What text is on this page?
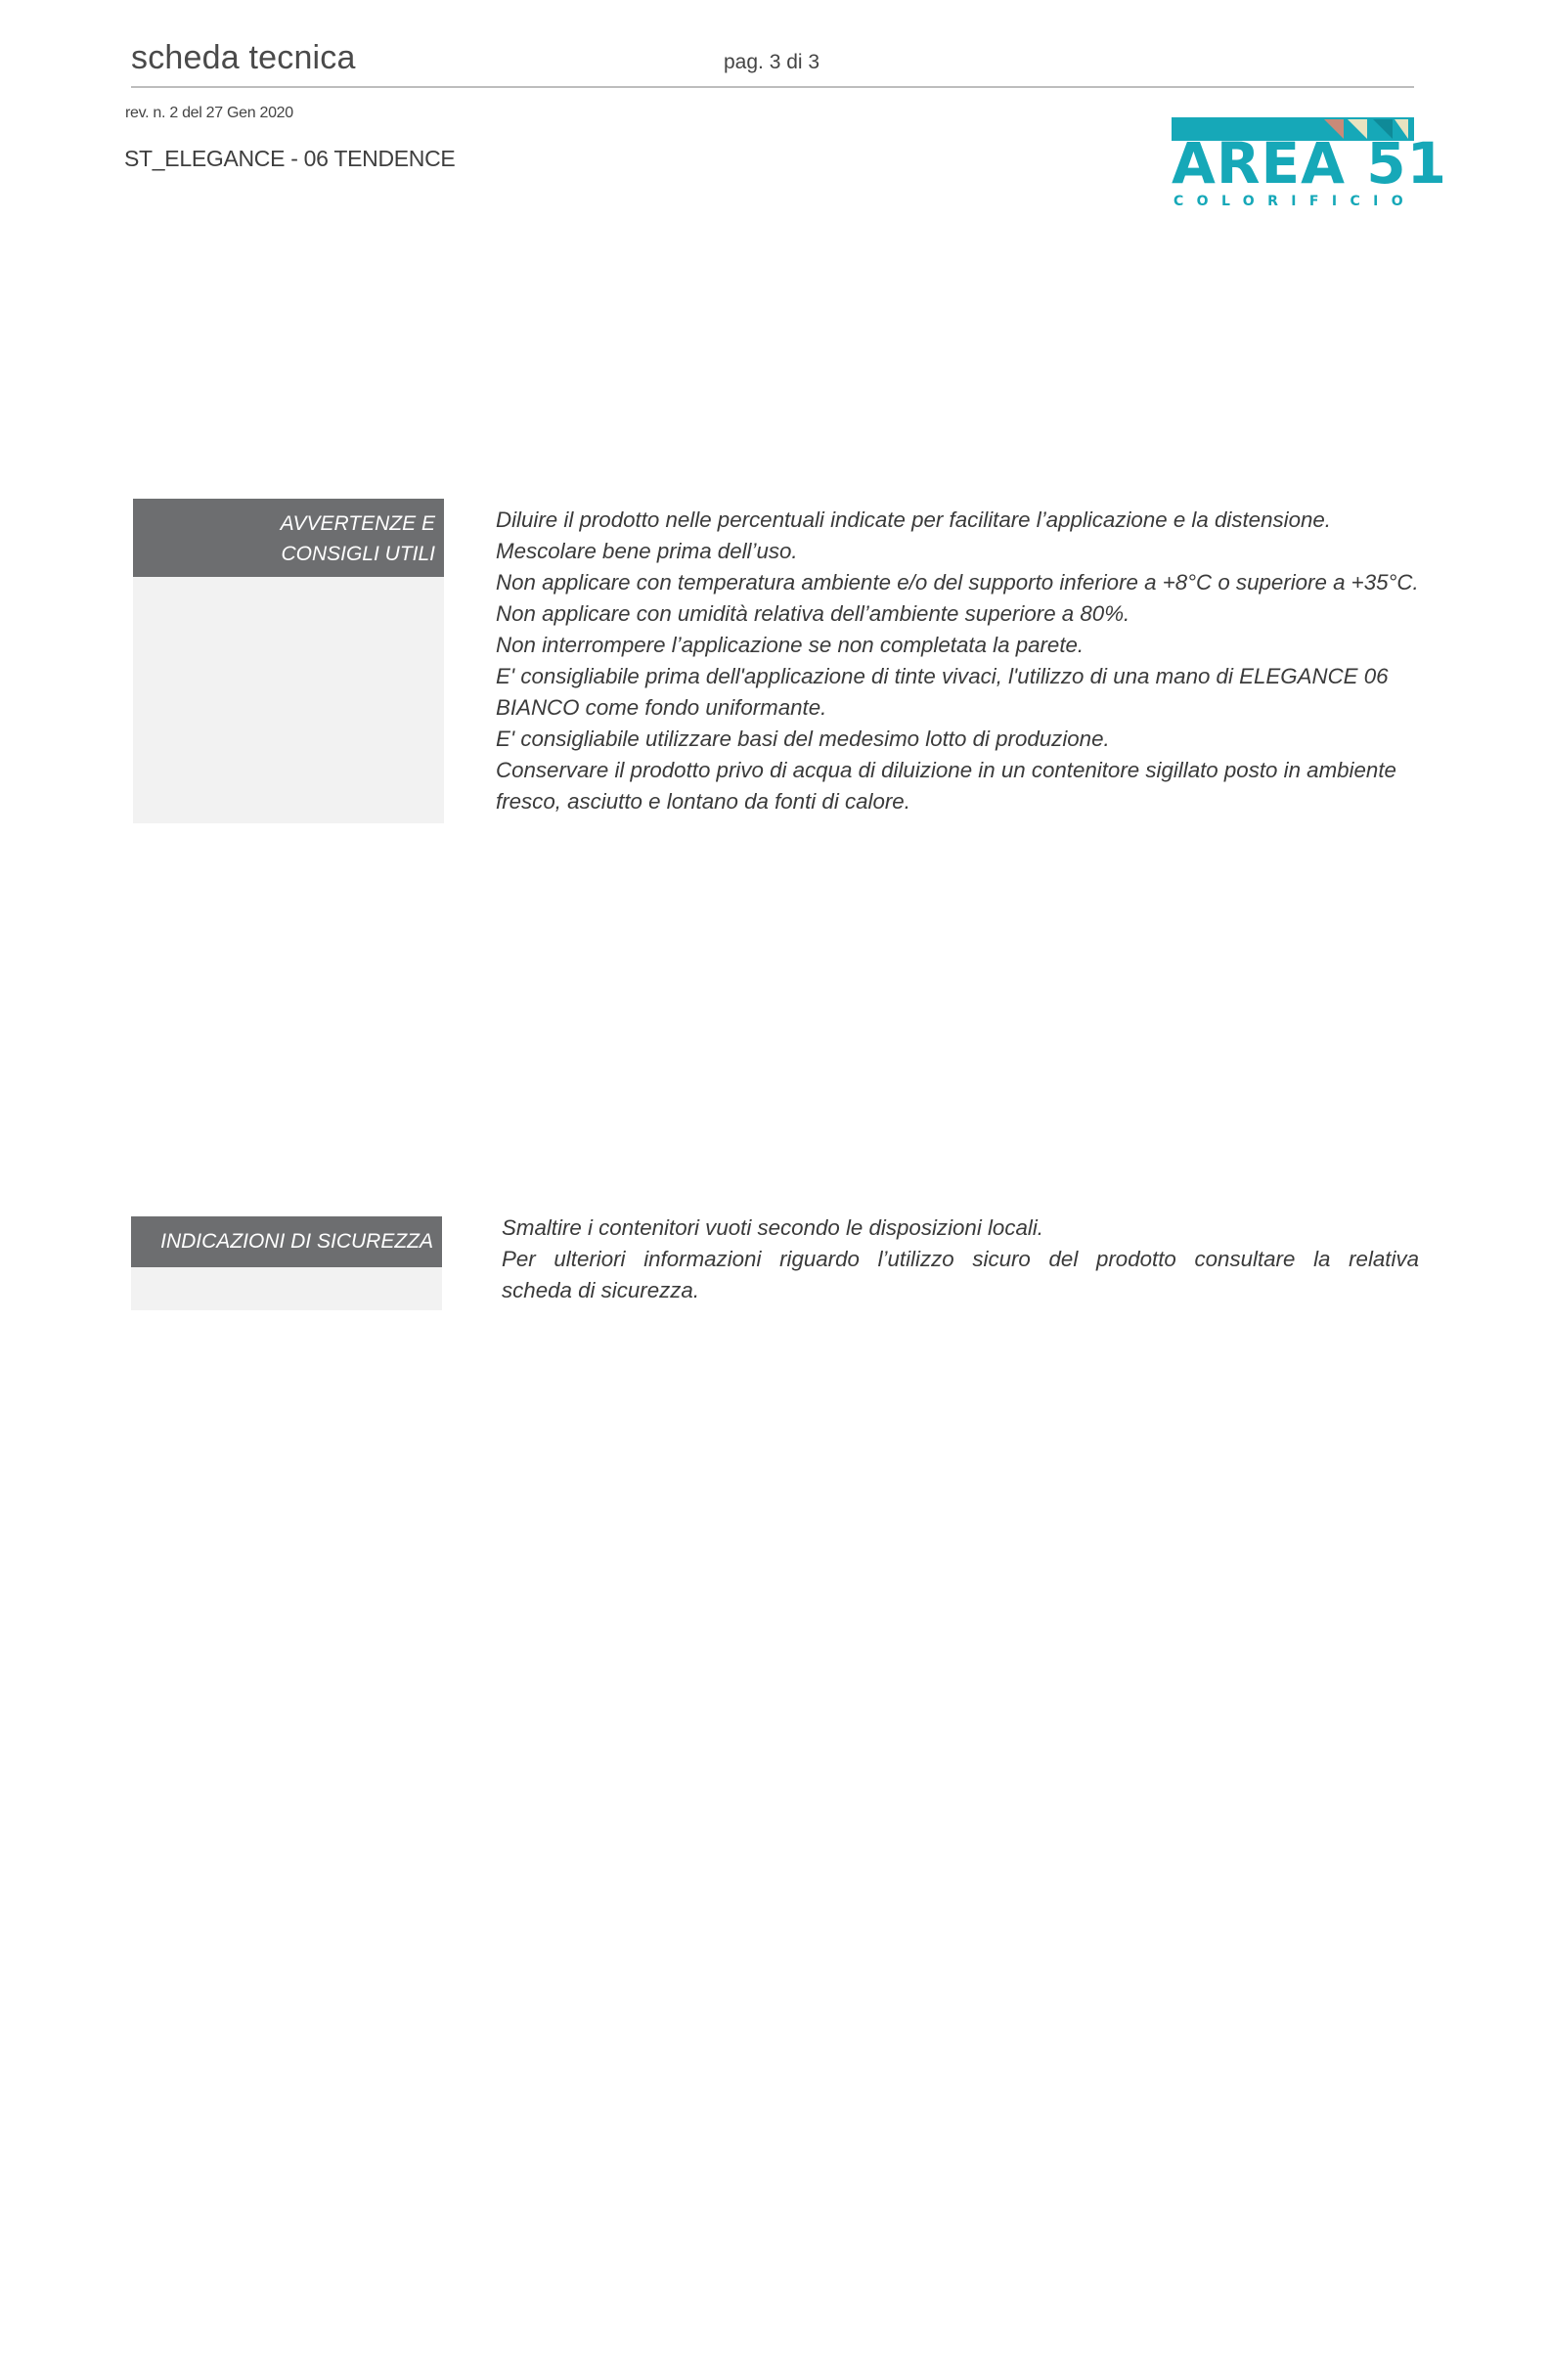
scheda tecnica	pag. 3 di 3
rev. n. 2 del 27 Gen 2020
ST_ELEGANCE - 06 TENDENCE	AREA 51
COLORIFICIO
AVVERTENZE E
CONSIGLI UTILI
Diluire il prodotto nelle percentuali indicate per facilitare l’applicazione e la distensione.
Mescolare bene prima dell’uso.
Non applicare con temperatura ambiente e/o del supporto inferiore a +8°C o superiore a +35°C.
Non applicare con umidità relativa dell’ambiente superiore a 80%.
Non interrompere l’applicazione se non completata la parete.
E' consigliabile prima dell'applicazione di tinte vivaci, l'utilizzo di una mano di ELEGANCE 06
BIANCO come fondo uniformante.
E' consigliabile utilizzare basi del medesimo lotto di produzione.
Conservare il prodotto privo di acqua di diluizione in un contenitore sigillato posto in ambiente
fresco, asciutto e lontano da fonti di calore.
INDICAZIONI DI SICUREZZA
Smaltire i contenitori vuoti secondo le disposizioni locali.
Per ulteriori informazioni riguardo l’utilizzo sicuro del prodotto consultare la relativa
scheda di sicurezza.
